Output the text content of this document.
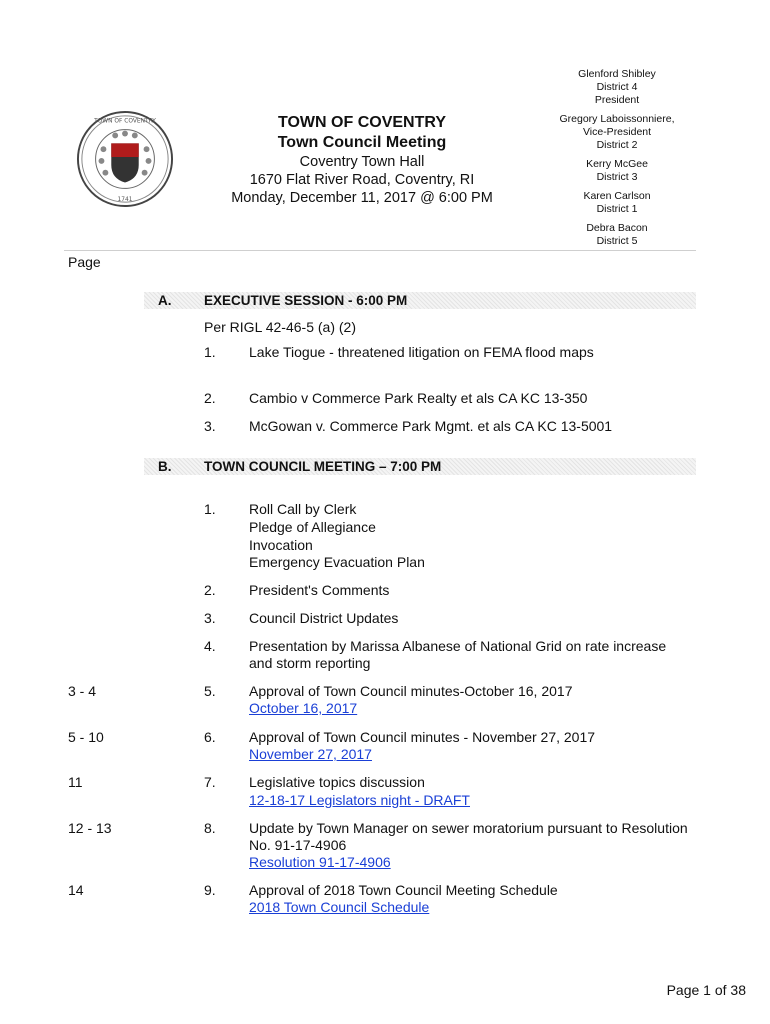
TOWN OF COVENTRY
1741
TOWN OF COVENTRY
Town Council Meeting
Coventry Town Hall
1670 Flat River Road, Coventry, RI
Monday, December 11, 2017 @ 6:00 PM
Glenford Shibley
District 4
President
Gregory Laboissonniere,
Vice-President
District 2
Kerry McGee
District 3
Karen Carlson
District 1
Debra Bacon
District 5
Page
A. EXECUTIVE SESSION - 6:00 PM
Per RIGL 42-46-5 (a) (2)
1. Lake Tiogue - threatened litigation on FEMA flood maps
2. Cambio v Commerce Park Realty et als CA KC 13-350
3. McGowan v. Commerce Park Mgmt. et als CA KC 13-5001
B. TOWN COUNCIL MEETING – 7:00 PM
1. Roll Call by Clerk
Pledge of Allegiance
Invocation
Emergency Evacuation Plan
2. President's Comments
3. Council District Updates
4. Presentation by Marissa Albanese of National Grid on rate increase
and storm reporting
3 - 4	5. Approval of Town Council minutes-October 16, 2017
October 16, 2017
5 - 10	6. Approval of Town Council minutes - November 27, 2017
November 27, 2017
11	7. Legislative topics discussion
12-18-17 Legislators night - DRAFT
12 - 13	8. Update by Town Manager on sewer moratorium pursuant to Resolution
No. 91-17-4906
Resolution 91-17-4906
14	9. Approval of 2018 Town Council Meeting Schedule
2018 Town Council Schedule
Page 1 of 38
